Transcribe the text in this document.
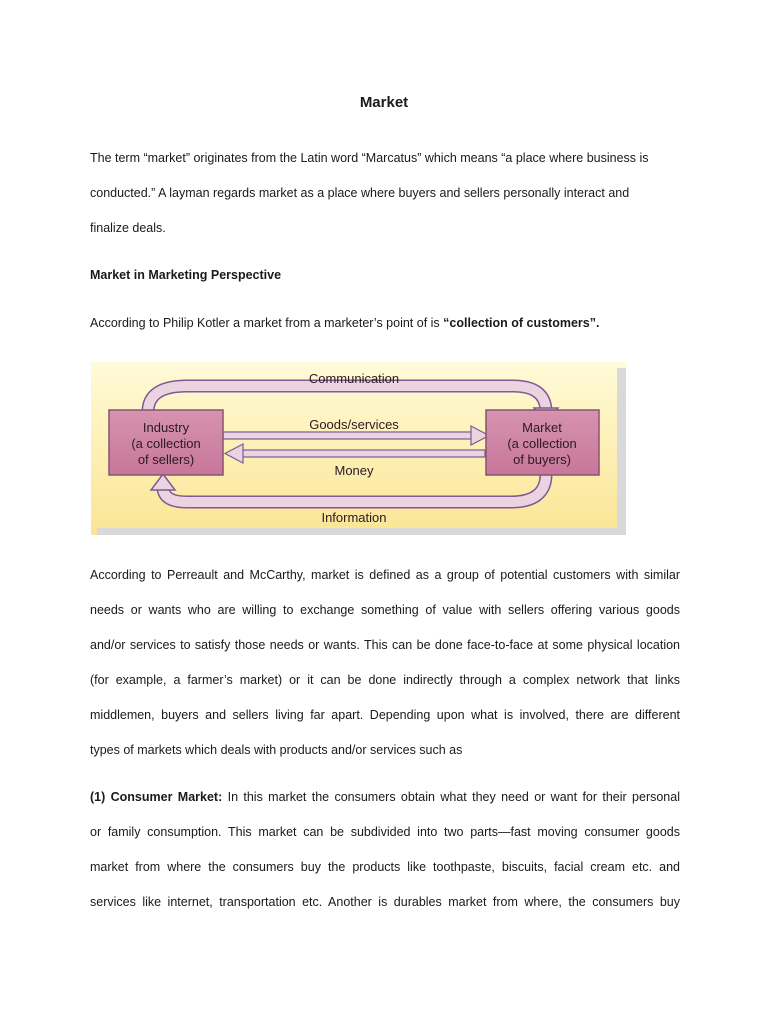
Market
The term “market” originates from the Latin word “Marcatus” which means “a place where business is
conducted.” A layman regards market as a place where buyers and sellers personally interact and
finalize deals.
Market in Marketing Perspective
According to Philip Kotler a market from a marketer’s point of is “collection of customers”.
Industry
(a collection
of sellers)
Market
(a collection
of buyers)
Communication
Goods/services
Money
Information
According to Perreault and McCarthy, market is defined as a group of potential customers with similar
needs or wants who are willing to exchange something of value with sellers offering various goods
and/or services to satisfy those needs or wants. This can be done face-to-face at some physical location
(for example, a farmer’s market) or it can be done indirectly through a complex network that links
middlemen, buyers and sellers living far apart. Depending upon what is involved, there are different
types of markets which deals with products and/or services such as
(1) Consumer Market: In this market the consumers obtain what they need or want for their personal
or family consumption. This market can be subdivided into two parts—fast moving consumer goods
market from where the consumers buy the products like toothpaste, biscuits, facial cream etc. and
services like internet, transportation etc. Another is durables market from where, the consumers buy
